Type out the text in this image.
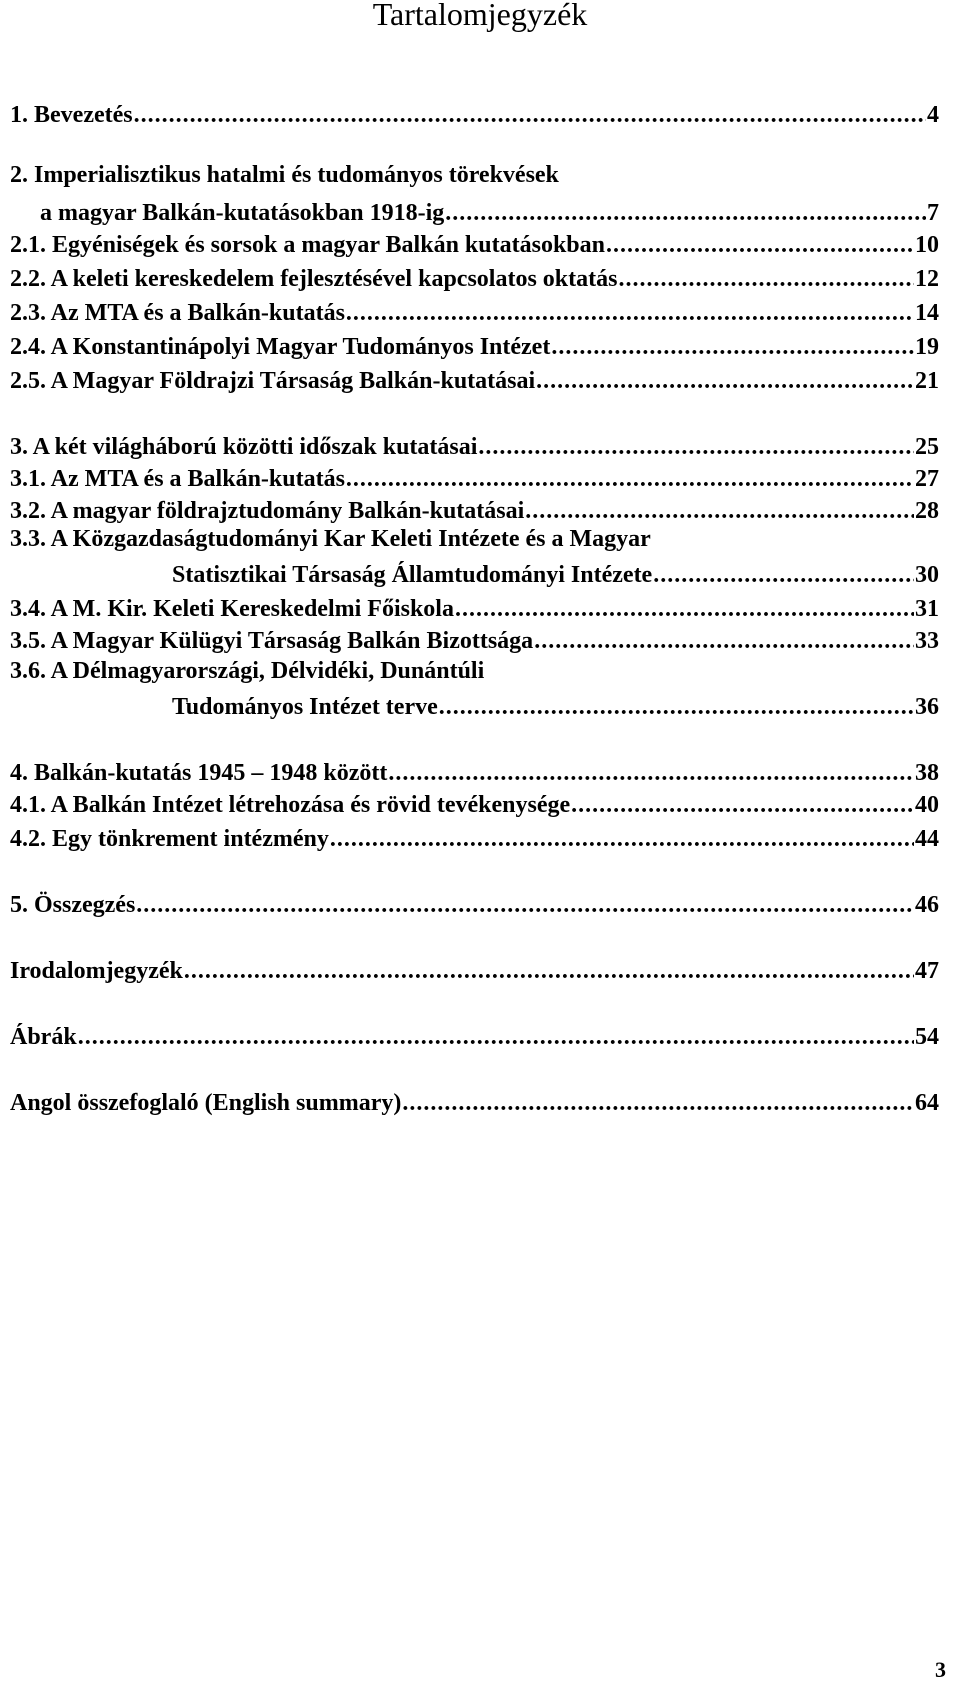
Tartalomjegyzék
1. Bevezetés .....	4
2. Imperialisztikus hatalmi és tudományos törekvések
a magyar Balkán-kutatásokban 1918-ig .....	7
2.1. Egyéniségek és sorsok a magyar Balkán kutatásokban .....	10
2.2. A keleti kereskedelem fejlesztésével kapcsolatos oktatás .....	12
2.3. Az MTA és a Balkán-kutatás .....	14
2.4. A Konstantinápolyi Magyar Tudományos Intézet .....	19
2.5. A Magyar Földrajzi Társaság Balkán-kutatásai .....	21
3. A két világháború közötti időszak kutatásai .....	25
3.1. Az MTA és a Balkán-kutatás .....	27
3.2. A magyar földrajztudomány Balkán-kutatásai .....	28
3.3. A Közgazdaságtudományi Kar Keleti Intézete és a Magyar
Statisztikai Társaság Államtudományi Intézete .....	30
3.4. A M. Kir. Keleti Kereskedelmi Főiskola .....	31
3.5. A Magyar Külügyi Társaság Balkán Bizottsága .....	33
3.6. A Délmagyarországi, Délvidéki, Dunántúli
Tudományos Intézet terve .....	36
4. Balkán-kutatás 1945 – 1948 között .....	38
4.1. A Balkán Intézet létrehozása és rövid tevékenysége .....	40
4.2. Egy tönkrement intézmény .....	44
5. Összegzés .....	46
Irodalomjegyzék .....	47
Ábrák .....	54
Angol összefoglaló (English summary) .....	64
3
